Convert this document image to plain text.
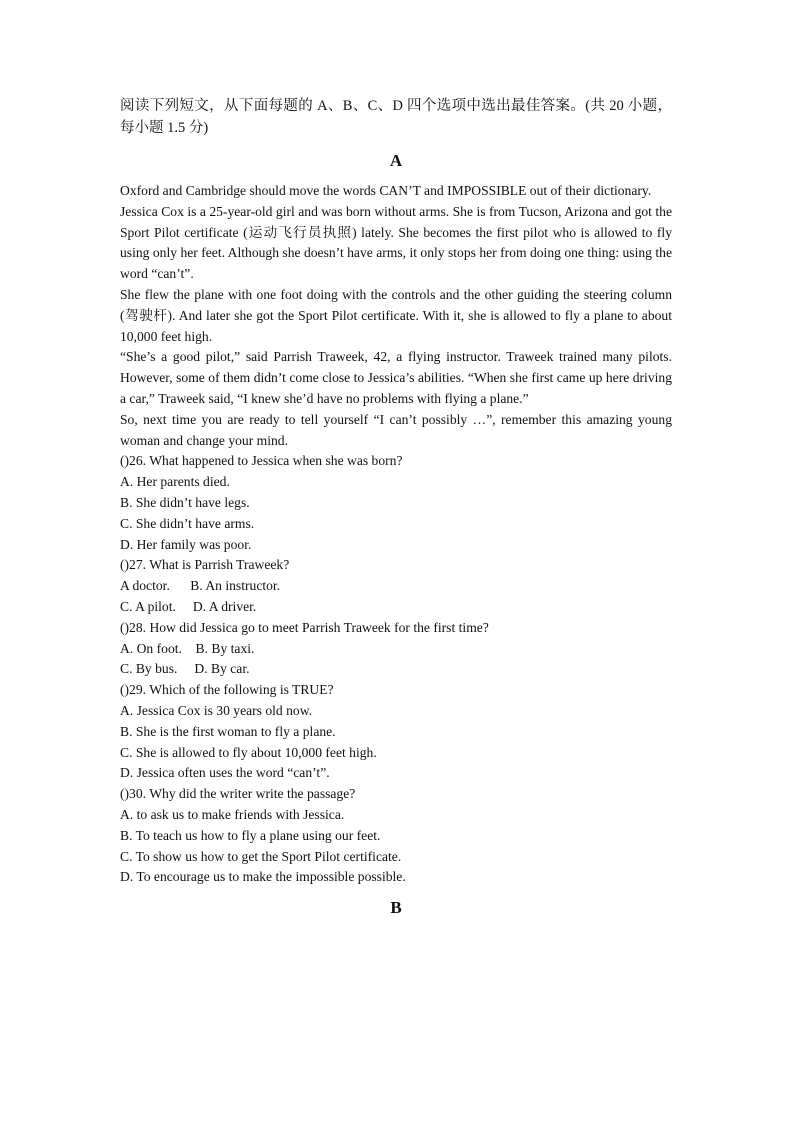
阅读下列短文，从下面每题的 A、B、C、D 四个选项中选出最佳答案。(共 20 小题，每小题 1.5 分)

A

Oxford and Cambridge should move the words CAN’T and IMPOSSIBLE out of their dictionary.

Jessica Cox is a 25-year-old girl and was born without arms. She is from Tucson, Arizona and got the Sport Pilot certificate (运动飞行员执照) lately. She becomes the first pilot who is allowed to fly using only her feet. Although she doesn’t have arms, it only stops her from doing one thing: using the word “can’t”.

She flew the plane with one foot doing with the controls and the other guiding the steering column (驾驶杆). And later she got the Sport Pilot certificate. With it, she is allowed to fly a plane to about 10,000 feet high.

“She’s a good pilot,” said Parrish Traweek, 42, a flying instructor. Traweek trained many pilots. However, some of them didn’t come close to Jessica’s abilities. “When she first came up here driving a car,” Traweek said, “I knew she’d have no problems with flying a plane.”

So, next time you are ready to tell yourself “I can’t possibly …”, remember this amazing young woman and change your mind.

()26. What happened to Jessica when she was born?

A. Her parents died.

B. She didn’t have legs.

C. She didn’t have arms.

D. Her family was poor.

()27. What is Parrish Traweek?

A doctor.      B. An instructor.

C. A pilot.     D. A driver.

()28. How did Jessica go to meet Parrish Traweek for the first time?

A. On foot.    B. By taxi.

C. By bus.     D. By car.

()29. Which of the following is TRUE?

A. Jessica Cox is 30 years old now.

B. She is the first woman to fly a plane.

C. She is allowed to fly about 10,000 feet high.

D. Jessica often uses the word “can’t”.

()30. Why did the writer write the passage?

A. to ask us to make friends with Jessica.

B. To teach us how to fly a plane using our feet.

C. To show us how to get the Sport Pilot certificate.

D. To encourage us to make the impossible possible.

B
